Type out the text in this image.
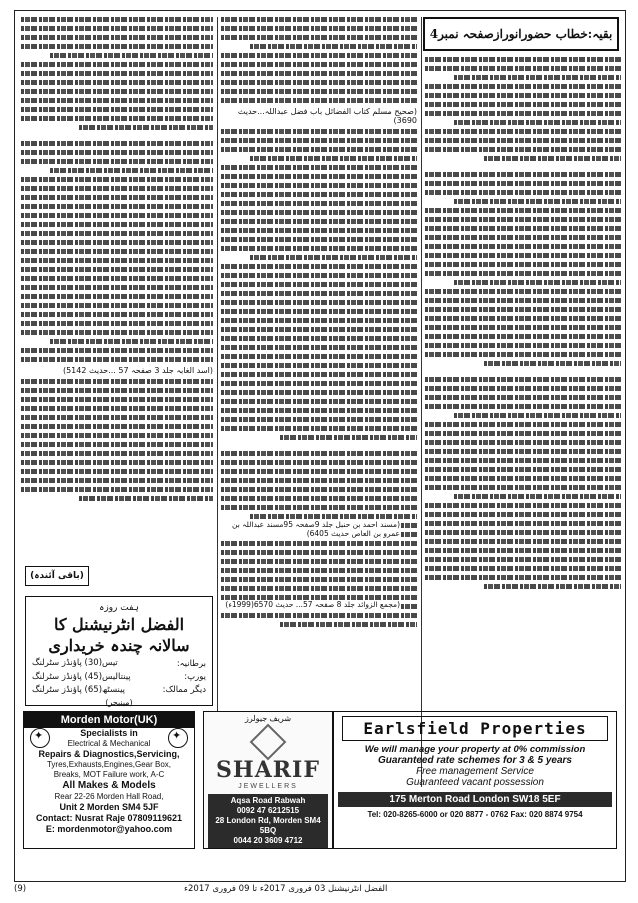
بقیہ:خطاب حضورانورازصفحہ نمبر4
(صحیح مسلم کتاب الفضائل باب فضل عبداللہ...حدیث 3690)
(اسد الغابہ جلد 3 صفحہ 57 ...حدیث 5142)
(باقی آئندہ)
ہفت روزہ
الفضل انٹرنیشنل کا
سالانہ چندہ خریداری
برطانیہ:
تیس(30) پاؤنڈز سٹرلنگ
یورپ:
پینتالیس(45) پاؤنڈز سٹرلنگ
دیگر ممالک:
پینسٹھ(65) پاؤنڈز سٹرلنگ
(مینیجر)
Morden Motor(UK)
✦
✦
Specialists in
Electrical & Mechanical
Repairs & Diagnostics,Servicing,
Tyres,Exhausts,Engines,Gear Box,
Breaks, MOT Failure work, A-C
All Makes & Models
Rear 22-26 Morden Hall Road,
Unit 2 Morden SM4 5JF
Contact: Nusrat Raje 07809119621
E: mordenmotor@yahoo.com
شریف جیولرز
SHARIF
JEWELLERS
Aqsa Road Rabwah
0092 47 6212515
28 London Rd, Morden SM4 5BQ
0044 20 3609 4712
Earlsfield Properties
We will manage your property at 0% commission
Guaranteed rate schemes for 3 & 5 years
Free management Service
Guaranteed vacant possession
175 Merton Road London SW18 5EF
Tel: 020-8265-6000 or 020 8877 - 0762 Fax: 020 8874 9754
(9)	الفضل انٹرنیشنل 03 فروری 2017ء تا 09 فروری 2017ء
(مسند احمد بن حنبل جلد 9صفحہ 95مسند عبداللہ بن عمرو بن العاص حدیث 6405)
(مجمع الزوائد جلد 8 صفحہ 57... حدیث 6570(1999ء)
